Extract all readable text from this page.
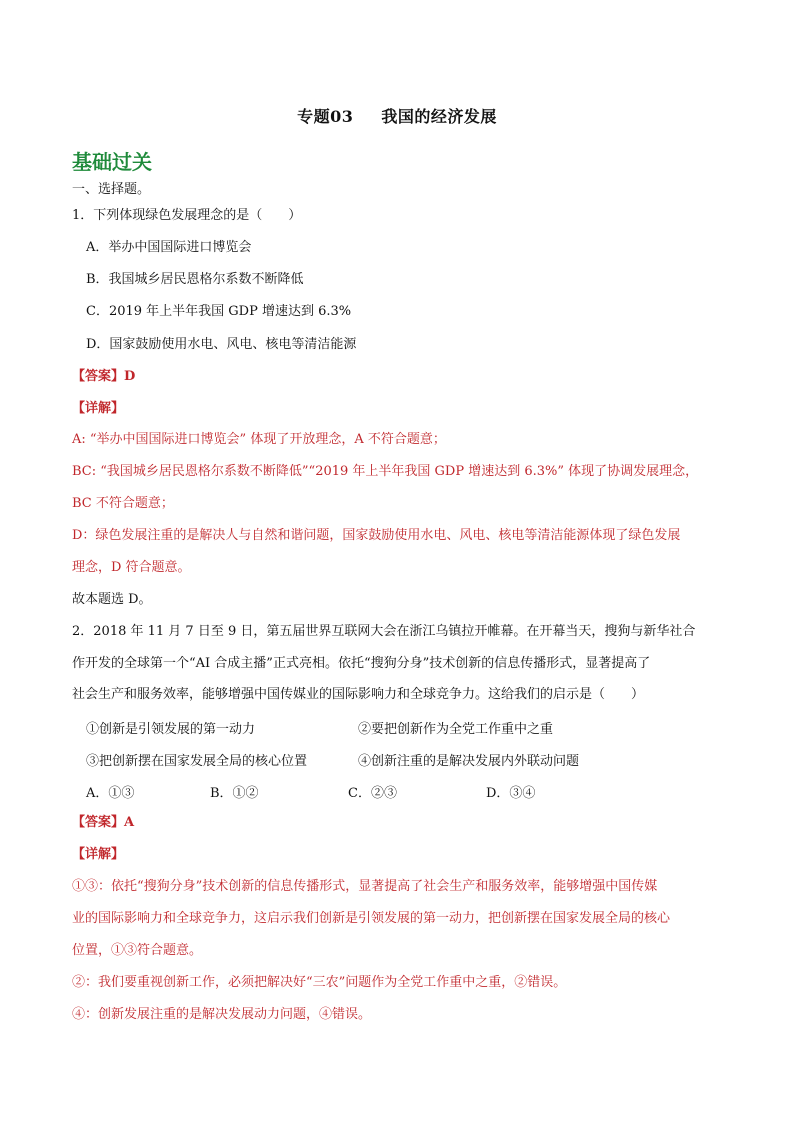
专题03 我国的经济发展
基础过关
一、选择题。
1．下列体现绿色发展理念的是（　　）
A．举办中国国际进口博览会
B．我国城乡居民恩格尔系数不断降低
C．2019 年上半年我国 GDP 增速达到 6.3%
D．国家鼓励使用水电、风电、核电等清洁能源
【答案】D
【详解】
A: “举办中国国际进口博览会” 体现了开放理念，A 不符合题意；
BC: “我国城乡居民恩格尔系数不断降低”“2019 年上半年我国 GDP 增速达到 6.3%” 体现了协调发展理念，
BC 不符合题意；
D：绿色发展注重的是解决人与自然和谐问题，国家鼓励使用水电、风电、核电等清洁能源体现了绿色发展
理念，D 符合题意。
故本题选 D。
2．2018 年 11 月 7 日至 9 日，第五届世界互联网大会在浙江乌镇拉开帷幕。在开幕当天，搜狗与新华社合
作开发的全球第一个“AI 合成主播”正式亮相。依托“搜狗分身”技术创新的信息传播形式，显著提高了
社会生产和服务效率，能够增强中国传媒业的国际影响力和全球竞争力。这给我们的启示是（　　）
①创新是引领发展的第一动力	②要把创新作为全党工作重中之重
③把创新摆在国家发展全局的核心位置	④创新注重的是解决发展内外联动问题
A．①③	B．①②	C．②③	D．③④
【答案】A
【详解】
①③：依托“搜狗分身”技术创新的信息传播形式，显著提高了社会生产和服务效率，能够增强中国传媒
业的国际影响力和全球竞争力，这启示我们创新是引领发展的第一动力，把创新摆在国家发展全局的核心
位置，①③符合题意。
②：我们要重视创新工作，必须把解决好“三农”问题作为全党工作重中之重，②错误。
④：创新发展注重的是解决发展动力问题，④错误。
